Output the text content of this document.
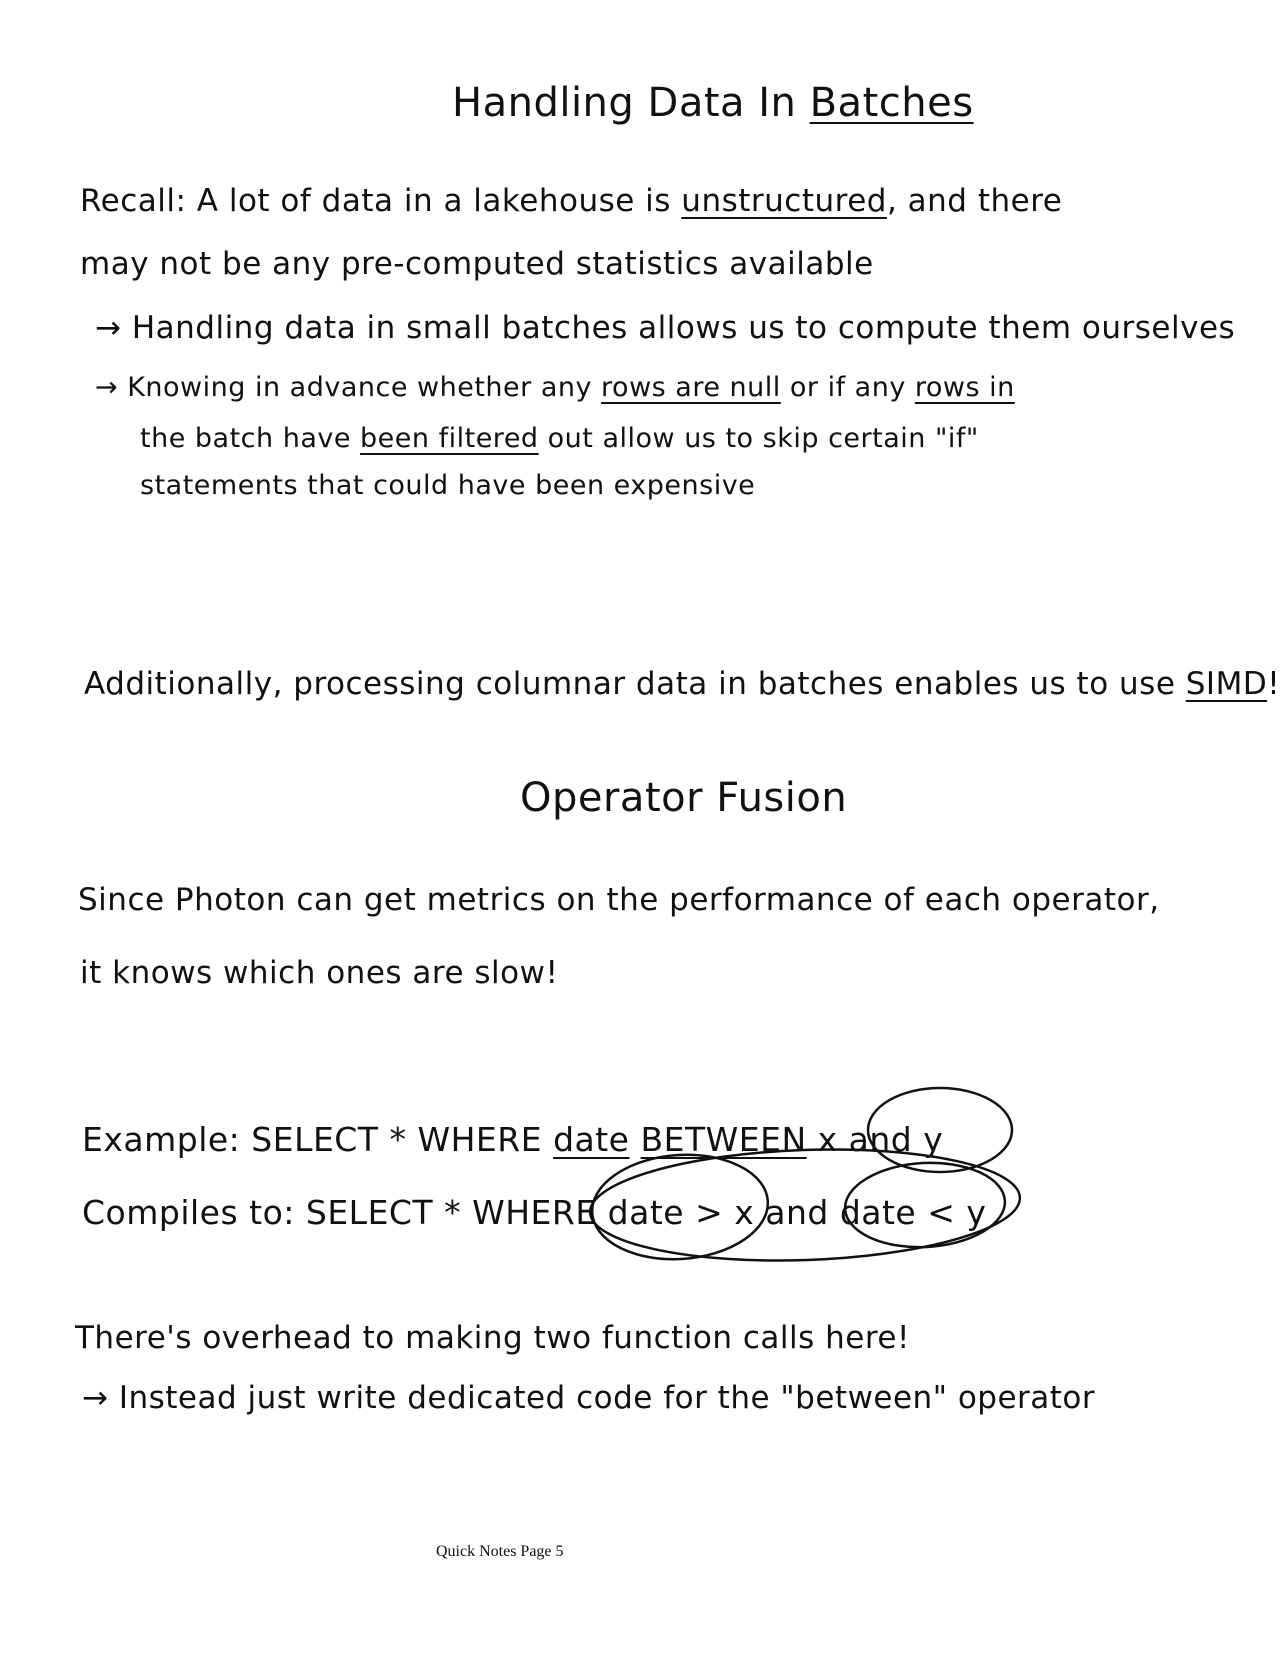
Handling Data In Batches
Recall: A lot of data in a lakehouse is unstructured, and there
may not be any pre-computed statistics available
→ Handling data in small batches allows us to compute them ourselves
→ Knowing in advance whether any rows are null or if any rows in
the batch have been filtered out allow us to skip certain "if"
statements that could have been expensive
Additionally, processing columnar data in batches enables us to use SIMD!
Operator Fusion
Since Photon can get metrics on the performance of each operator,
it knows which ones are slow!
Example: SELECT * WHERE date BETWEEN x and y
Compiles to: SELECT * WHERE date > x and date < y
There's overhead to making two function calls here!
→ Instead just write dedicated code for the "between" operator
Quick Notes Page 5
